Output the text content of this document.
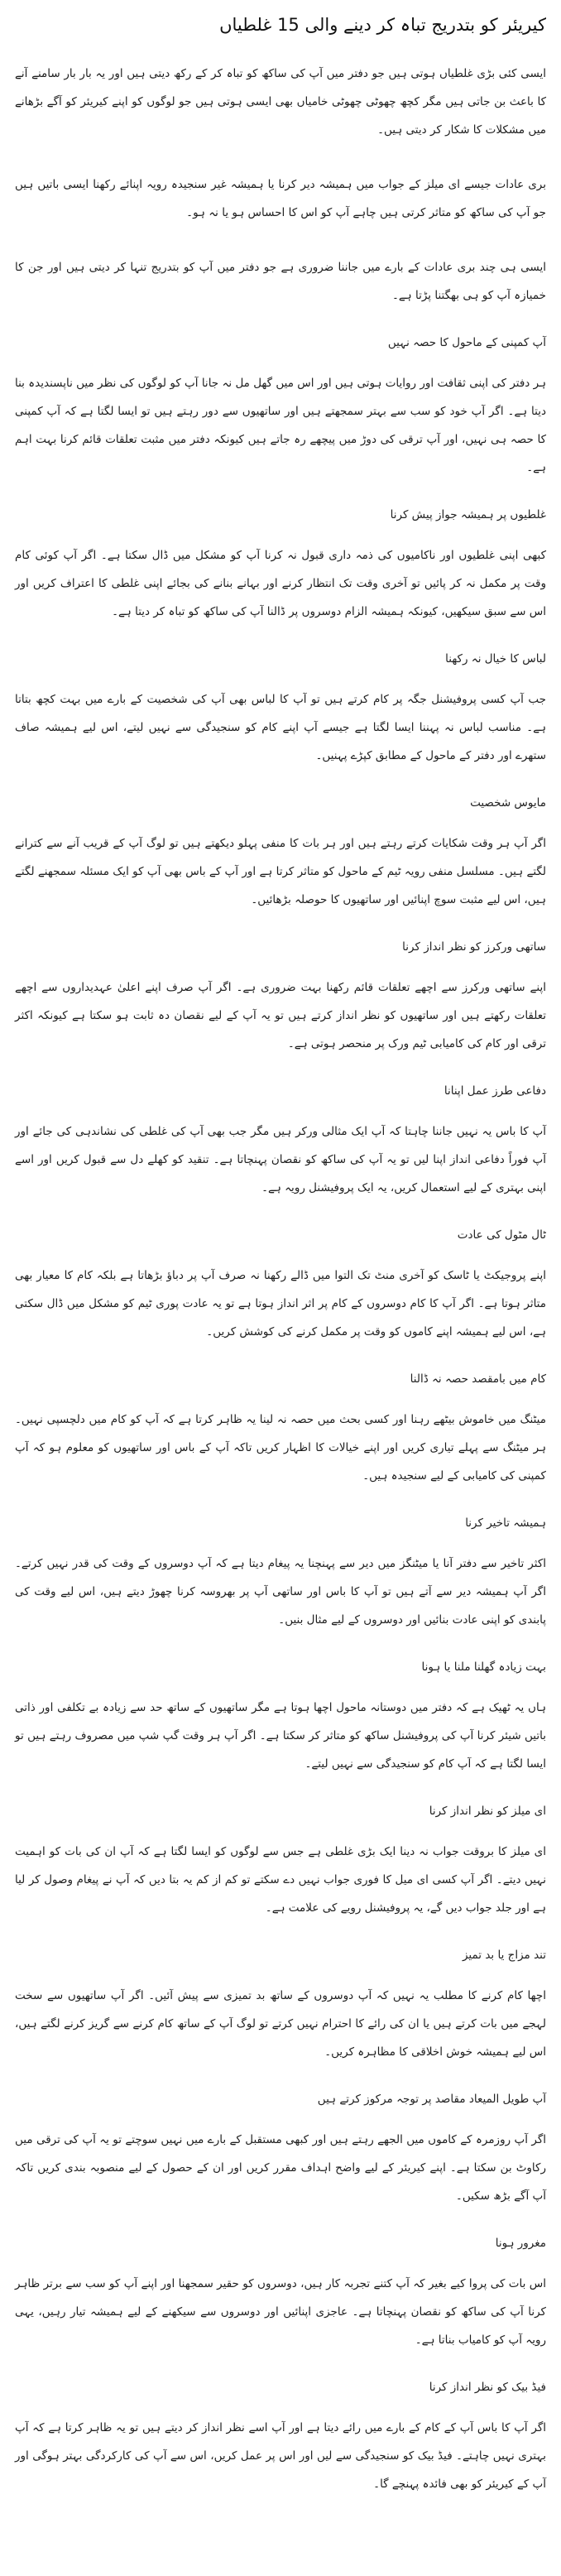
کیریئر کو بتدریج تباہ کر دینے والی 15 غلطیاں

ایسی کئی بڑی غلطیاں ہوتی ہیں جو دفتر میں آپ کی ساکھ کو تباہ کر کے رکھ دیتی ہیں اور یہ بار بار سامنے آنے کا باعث بن جاتی ہیں مگر کچھ چھوٹی چھوٹی خامیاں بھی ایسی ہوتی ہیں جو لوگوں کو اپنے کیریئر کو آگے بڑھانے میں مشکلات کا شکار کر دیتی ہیں۔

بری عادات جیسے ای میلز کے جواب میں ہمیشہ دیر کرنا یا ہمیشہ غیر سنجیدہ رویہ اپنائے رکھنا ایسی باتیں ہیں جو آپ کی ساکھ کو متاثر کرتی ہیں چاہے آپ کو اس کا احساس ہو یا نہ ہو۔

ایسی ہی چند بری عادات کے بارے میں جاننا ضروری ہے جو دفتر میں آپ کو بتدریج تنہا کر دیتی ہیں اور جن کا خمیازہ آپ کو ہی بھگتنا پڑتا ہے۔

آپ کمپنی کے ماحول کا حصہ نہیں

ہر دفتر کی اپنی ثقافت اور روایات ہوتی ہیں اور اس میں گھل مل نہ جانا آپ کو لوگوں کی نظر میں ناپسندیدہ بنا دیتا ہے۔ اگر آپ خود کو سب سے بہتر سمجھتے ہیں اور ساتھیوں سے دور رہتے ہیں تو ایسا لگتا ہے کہ آپ کمپنی کا حصہ ہی نہیں، اور آپ ترقی کی دوڑ میں پیچھے رہ جاتے ہیں کیونکہ دفتر میں مثبت تعلقات قائم کرنا بہت اہم ہے۔

غلطیوں پر ہمیشہ جواز پیش کرنا

کبھی اپنی غلطیوں اور ناکامیوں کی ذمہ داری قبول نہ کرنا آپ کو مشکل میں ڈال سکتا ہے۔ اگر آپ کوئی کام وقت پر مکمل نہ کر پائیں تو آخری وقت تک انتظار کرنے اور بہانے بنانے کی بجائے اپنی غلطی کا اعتراف کریں اور اس سے سبق سیکھیں، کیونکہ ہمیشہ الزام دوسروں پر ڈالنا آپ کی ساکھ کو تباہ کر دیتا ہے۔

لباس کا خیال نہ رکھنا

جب آپ کسی پروفیشنل جگہ پر کام کرتے ہیں تو آپ کا لباس بھی آپ کی شخصیت کے بارے میں بہت کچھ بتاتا ہے۔ مناسب لباس نہ پہننا ایسا لگتا ہے جیسے آپ اپنے کام کو سنجیدگی سے نہیں لیتے، اس لیے ہمیشہ صاف ستھرے اور دفتر کے ماحول کے مطابق کپڑے پہنیں۔

مایوس شخصیت

اگر آپ ہر وقت شکایات کرتے رہتے ہیں اور ہر بات کا منفی پہلو دیکھتے ہیں تو لوگ آپ کے قریب آنے سے کترانے لگتے ہیں۔ مسلسل منفی رویہ ٹیم کے ماحول کو متاثر کرتا ہے اور آپ کے باس بھی آپ کو ایک مسئلہ سمجھنے لگتے ہیں، اس لیے مثبت سوچ اپنائیں اور ساتھیوں کا حوصلہ بڑھائیں۔

ساتھی ورکرز کو نظر انداز کرنا

اپنے ساتھی ورکرز سے اچھے تعلقات قائم رکھنا بہت ضروری ہے۔ اگر آپ صرف اپنے اعلیٰ عہدیداروں سے اچھے تعلقات رکھتے ہیں اور ساتھیوں کو نظر انداز کرتے ہیں تو یہ آپ کے لیے نقصان دہ ثابت ہو سکتا ہے کیونکہ اکثر ترقی اور کام کی کامیابی ٹیم ورک پر منحصر ہوتی ہے۔

دفاعی طرز عمل اپنانا

آپ کا باس یہ نہیں جاننا چاہتا کہ آپ ایک مثالی ورکر ہیں مگر جب بھی آپ کی غلطی کی نشاندہی کی جائے اور آپ فوراً دفاعی انداز اپنا لیں تو یہ آپ کی ساکھ کو نقصان پہنچاتا ہے۔ تنقید کو کھلے دل سے قبول کریں اور اسے اپنی بہتری کے لیے استعمال کریں، یہ ایک پروفیشنل رویہ ہے۔

ٹال مٹول کی عادت

اپنے پروجیکٹ یا ٹاسک کو آخری منٹ تک التوا میں ڈالے رکھنا نہ صرف آپ پر دباؤ بڑھاتا ہے بلکہ کام کا معیار بھی متاثر ہوتا ہے۔ اگر آپ کا کام دوسروں کے کام پر اثر انداز ہوتا ہے تو یہ عادت پوری ٹیم کو مشکل میں ڈال سکتی ہے، اس لیے ہمیشہ اپنے کاموں کو وقت پر مکمل کرنے کی کوشش کریں۔

کام میں بامقصد حصہ نہ ڈالنا

میٹنگ میں خاموش بیٹھے رہنا اور کسی بحث میں حصہ نہ لینا یہ ظاہر کرتا ہے کہ آپ کو کام میں دلچسپی نہیں۔ ہر میٹنگ سے پہلے تیاری کریں اور اپنے خیالات کا اظہار کریں تاکہ آپ کے باس اور ساتھیوں کو معلوم ہو کہ آپ کمپنی کی کامیابی کے لیے سنجیدہ ہیں۔

ہمیشہ تاخیر کرنا

اکثر تاخیر سے دفتر آنا یا میٹنگز میں دیر سے پہنچنا یہ پیغام دیتا ہے کہ آپ دوسروں کے وقت کی قدر نہیں کرتے۔ اگر آپ ہمیشہ دیر سے آتے ہیں تو آپ کا باس اور ساتھی آپ پر بھروسہ کرنا چھوڑ دیتے ہیں، اس لیے وقت کی پابندی کو اپنی عادت بنائیں اور دوسروں کے لیے مثال بنیں۔

بہت زیادہ گھلنا ملنا یا ہونا

ہاں یہ ٹھیک ہے کہ دفتر میں دوستانہ ماحول اچھا ہوتا ہے مگر ساتھیوں کے ساتھ حد سے زیادہ بے تکلفی اور ذاتی باتیں شیئر کرنا آپ کی پروفیشنل ساکھ کو متاثر کر سکتا ہے۔ اگر آپ ہر وقت گپ شپ میں مصروف رہتے ہیں تو ایسا لگتا ہے کہ آپ کام کو سنجیدگی سے نہیں لیتے۔

ای میلز کو نظر انداز کرنا

ای میلز کا بروقت جواب نہ دینا ایک بڑی غلطی ہے جس سے لوگوں کو ایسا لگتا ہے کہ آپ ان کی بات کو اہمیت نہیں دیتے۔ اگر آپ کسی ای میل کا فوری جواب نہیں دے سکتے تو کم از کم یہ بتا دیں کہ آپ نے پیغام وصول کر لیا ہے اور جلد جواب دیں گے، یہ پروفیشنل رویے کی علامت ہے۔

تند مزاج یا بد تمیز

اچھا کام کرنے کا مطلب یہ نہیں کہ آپ دوسروں کے ساتھ بد تمیزی سے پیش آئیں۔ اگر آپ ساتھیوں سے سخت لہجے میں بات کرتے ہیں یا ان کی رائے کا احترام نہیں کرتے تو لوگ آپ کے ساتھ کام کرنے سے گریز کرنے لگتے ہیں، اس لیے ہمیشہ خوش اخلاقی کا مظاہرہ کریں۔

آپ طویل المیعاد مقاصد پر توجہ مرکوز کرتے ہیں

اگر آپ روزمرہ کے کاموں میں الجھے رہتے ہیں اور کبھی مستقبل کے بارے میں نہیں سوچتے تو یہ آپ کی ترقی میں رکاوٹ بن سکتا ہے۔ اپنے کیریئر کے لیے واضح اہداف مقرر کریں اور ان کے حصول کے لیے منصوبہ بندی کریں تاکہ آپ آگے بڑھ سکیں۔

مغرور ہونا

اس بات کی پروا کیے بغیر کہ آپ کتنے تجربہ کار ہیں، دوسروں کو حقیر سمجھنا اور اپنے آپ کو سب سے برتر ظاہر کرنا آپ کی ساکھ کو نقصان پہنچاتا ہے۔ عاجزی اپنائیں اور دوسروں سے سیکھنے کے لیے ہمیشہ تیار رہیں، یہی رویہ آپ کو کامیاب بناتا ہے۔

فیڈ بیک کو نظر انداز کرنا

اگر آپ کا باس آپ کے کام کے بارے میں رائے دیتا ہے اور آپ اسے نظر انداز کر دیتے ہیں تو یہ ظاہر کرتا ہے کہ آپ بہتری نہیں چاہتے۔ فیڈ بیک کو سنجیدگی سے لیں اور اس پر عمل کریں، اس سے آپ کی کارکردگی بہتر ہوگی اور آپ کے کیریئر کو بھی فائدہ پہنچے گا۔
